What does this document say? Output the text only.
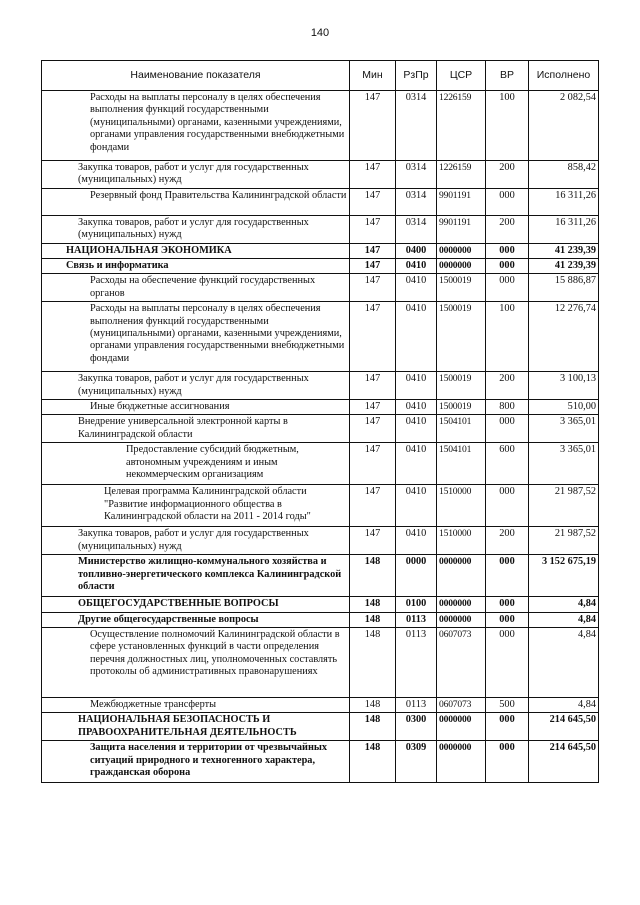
140
Наименование показателя	Мин	РзПр	ЦСР	ВР	Исполнено
Расходы на выплаты персоналу в целях обеспечения выполнения функций государственными (муниципальными) органами, казенными учреждениями, органами управления государственными внебюджетными фондами	147	0314	1226159	100	2 082,54
Закупка товаров, работ и услуг для государственных (муниципальных) нужд	147	0314	1226159	200	858,42
Резервный фонд Правительства Калининградской области	147	0314	9901191	000	16 311,26
Закупка товаров, работ и услуг для государственных (муниципальных) нужд	147	0314	9901191	200	16 311,26
НАЦИОНАЛЬНАЯ ЭКОНОМИКА	147	0400	0000000	000	41 239,39
Связь и информатика	147	0410	0000000	000	41 239,39
Расходы на обеспечение функций государственных органов	147	0410	1500019	000	15 886,87
Расходы на выплаты персоналу в целях обеспечения выполнения функций государственными (муниципальными) органами, казенными учреждениями, органами управления государственными внебюджетными фондами	147	0410	1500019	100	12 276,74
Закупка товаров, работ и услуг для государственных (муниципальных) нужд	147	0410	1500019	200	3 100,13
Иные бюджетные ассигнования	147	0410	1500019	800	510,00
Внедрение универсальной электронной карты в Калининградской области	147	0410	1504101	000	3 365,01
Предоставление субсидий бюджетным, автономным учреждениям и иным некоммерческим организациям	147	0410	1504101	600	3 365,01
Целевая программа Калининградской области "Развитие информационного общества в Калининградской области на 2011 - 2014 годы"	147	0410	1510000	000	21 987,52
Закупка товаров, работ и услуг для государственных (муниципальных) нужд	147	0410	1510000	200	21 987,52
Министерство жилищно-коммунального хозяйства и топливно-энергетического комплекса Калининградской области	148	0000	0000000	000	3 152 675,19
ОБЩЕГОСУДАРСТВЕННЫЕ ВОПРОСЫ	148	0100	0000000	000	4,84
Другие общегосударственные вопросы	148	0113	0000000	000	4,84
Осуществление полномочий Калининградской области в сфере установленных функций в части определения перечня должностных лиц, уполномоченных составлять протоколы об административных правонарушениях	148	0113	0607073	000	4,84
Межбюджетные трансферты	148	0113	0607073	500	4,84
НАЦИОНАЛЬНАЯ БЕЗОПАСНОСТЬ И ПРАВООХРАНИТЕЛЬНАЯ ДЕЯТЕЛЬНОСТЬ	148	0300	0000000	000	214 645,50
Защита населения и территории от чрезвычайных ситуаций природного и техногенного характера, гражданская оборона	148	0309	0000000	000	214 645,50
